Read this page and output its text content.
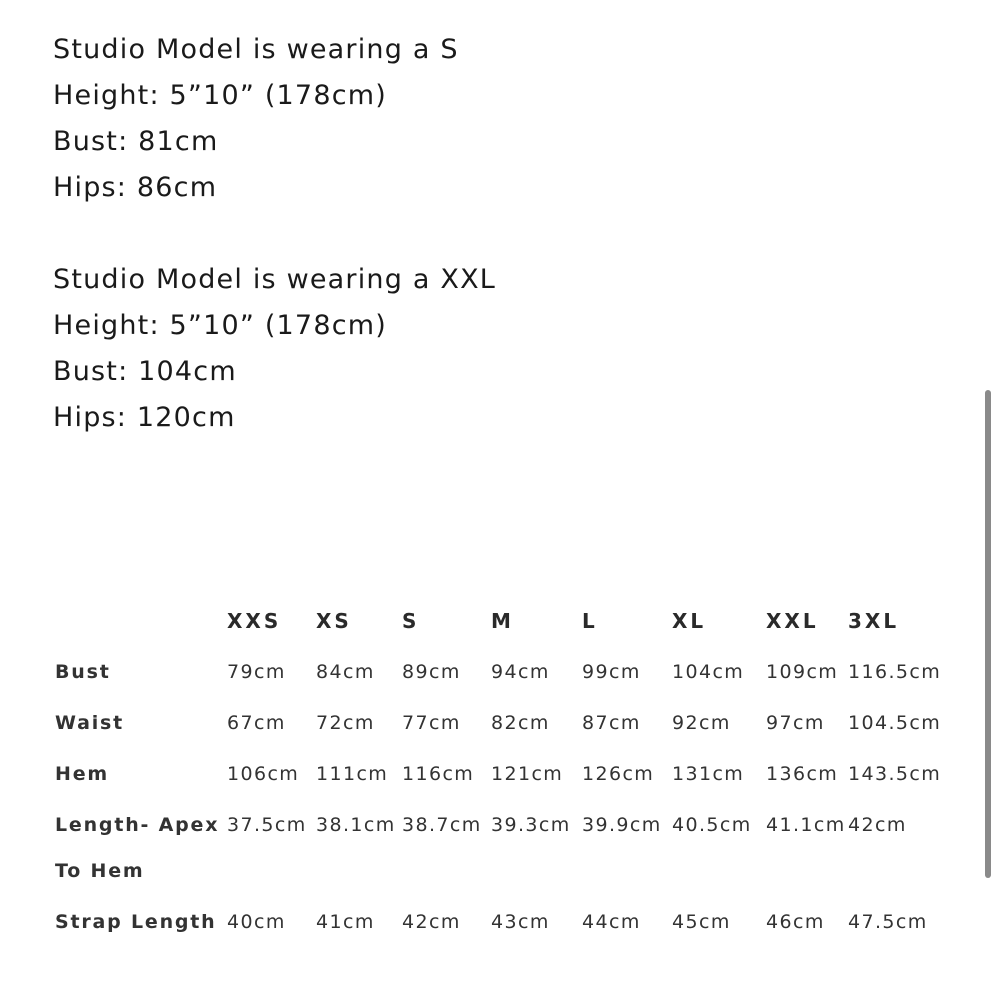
Studio Model is wearing a S

Height: 5”10” (178cm)

Bust: 81cm

Hips: 86cm

Studio Model is wearing a XXL

Height: 5”10” (178cm)

Bust: 104cm

Hips: 120cm

	XXS	XS	S	M	L	XL	XXL	3XL
Bust	79cm	84cm	89cm	94cm	99cm	104cm	109cm	116.5cm
Waist	67cm	72cm	77cm	82cm	87cm	92cm	97cm	104.5cm
Hem	106cm	111cm	116cm	121cm	126cm	131cm	136cm	143.5cm

Length- Apex
To Hem	37.5cm	38.1cm	38.7cm	39.3cm	39.9cm	40.5cm	41.1cm	42cm
Strap Length	40cm	41cm	42cm	43cm	44cm	45cm	46cm	47.5cm
